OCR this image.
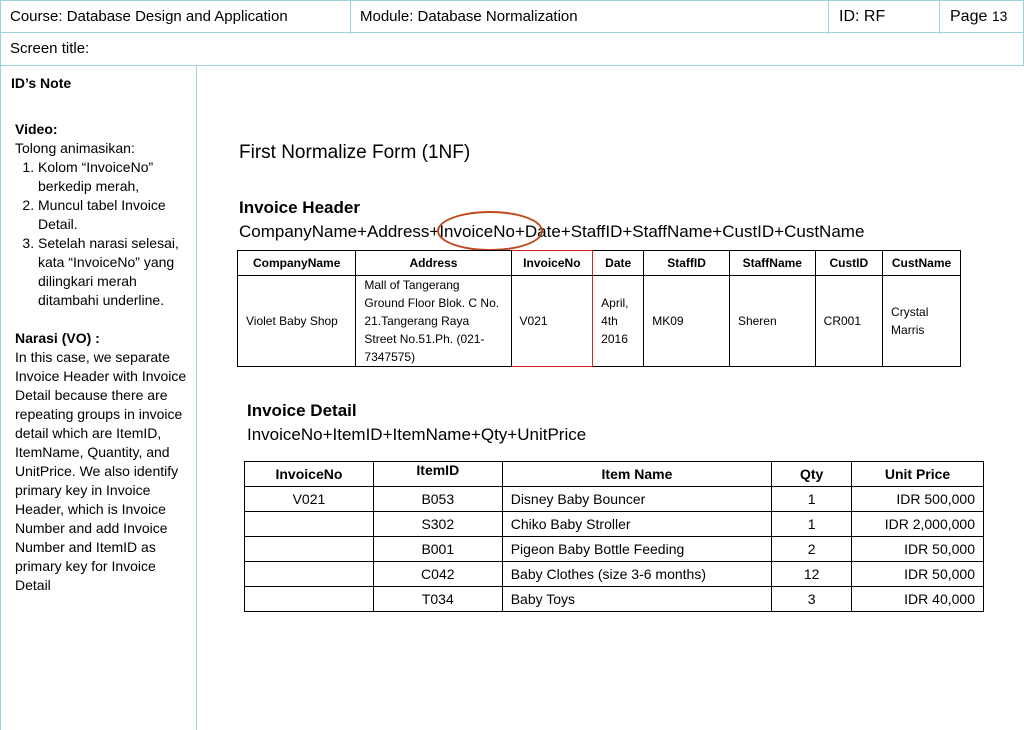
Course: Database Design and Application	Module: Database Normalization	ID: RF	Page 13
Screen title:
ID’s Note
Video:
Tolong animasikan:
1. Kolom “InvoiceNo” berkedip merah,
2. Muncul tabel Invoice Detail.
3. Setelah narasi selesai, kata “InvoiceNo” yang dilingkari merah ditambahi underline.
Narasi (VO) :
In this case, we separate Invoice Header with Invoice Detail because there are repeating groups in invoice detail which are ItemID, ItemName, Quantity, and UnitPrice. We also identify primary key in Invoice Header, which is Invoice Number and add Invoice Number and ItemID as primary key for Invoice Detail
First Normalize Form (1NF)
Invoice Header
CompanyName+Address+InvoiceNo+Date+StaffID+StaffName+CustID+CustName
CompanyName	Address	InvoiceNo	Date	StaffID	StaffName	CustID	CustName
Violet Baby Shop	Mall of Tangerang Ground Floor Blok. C No. 21.Tangerang Raya Street No.51.Ph. (021-7347575)	V021	April, 4th 2016	MK09	Sheren	CR001	Crystal Marris
Invoice Detail
InvoiceNo+ItemID+ItemName+Qty+UnitPrice
InvoiceNo	ItemID	Item Name	Qty	Unit Price
V021	B053	Disney Baby Bouncer	1	IDR 500,000
	S302	Chiko Baby Stroller	1	IDR 2,000,000
	B001	Pigeon Baby Bottle Feeding	2	IDR 50,000
	C042	Baby Clothes (size 3-6 months)	12	IDR 50,000
	T034	Baby Toys	3	IDR 40,000
